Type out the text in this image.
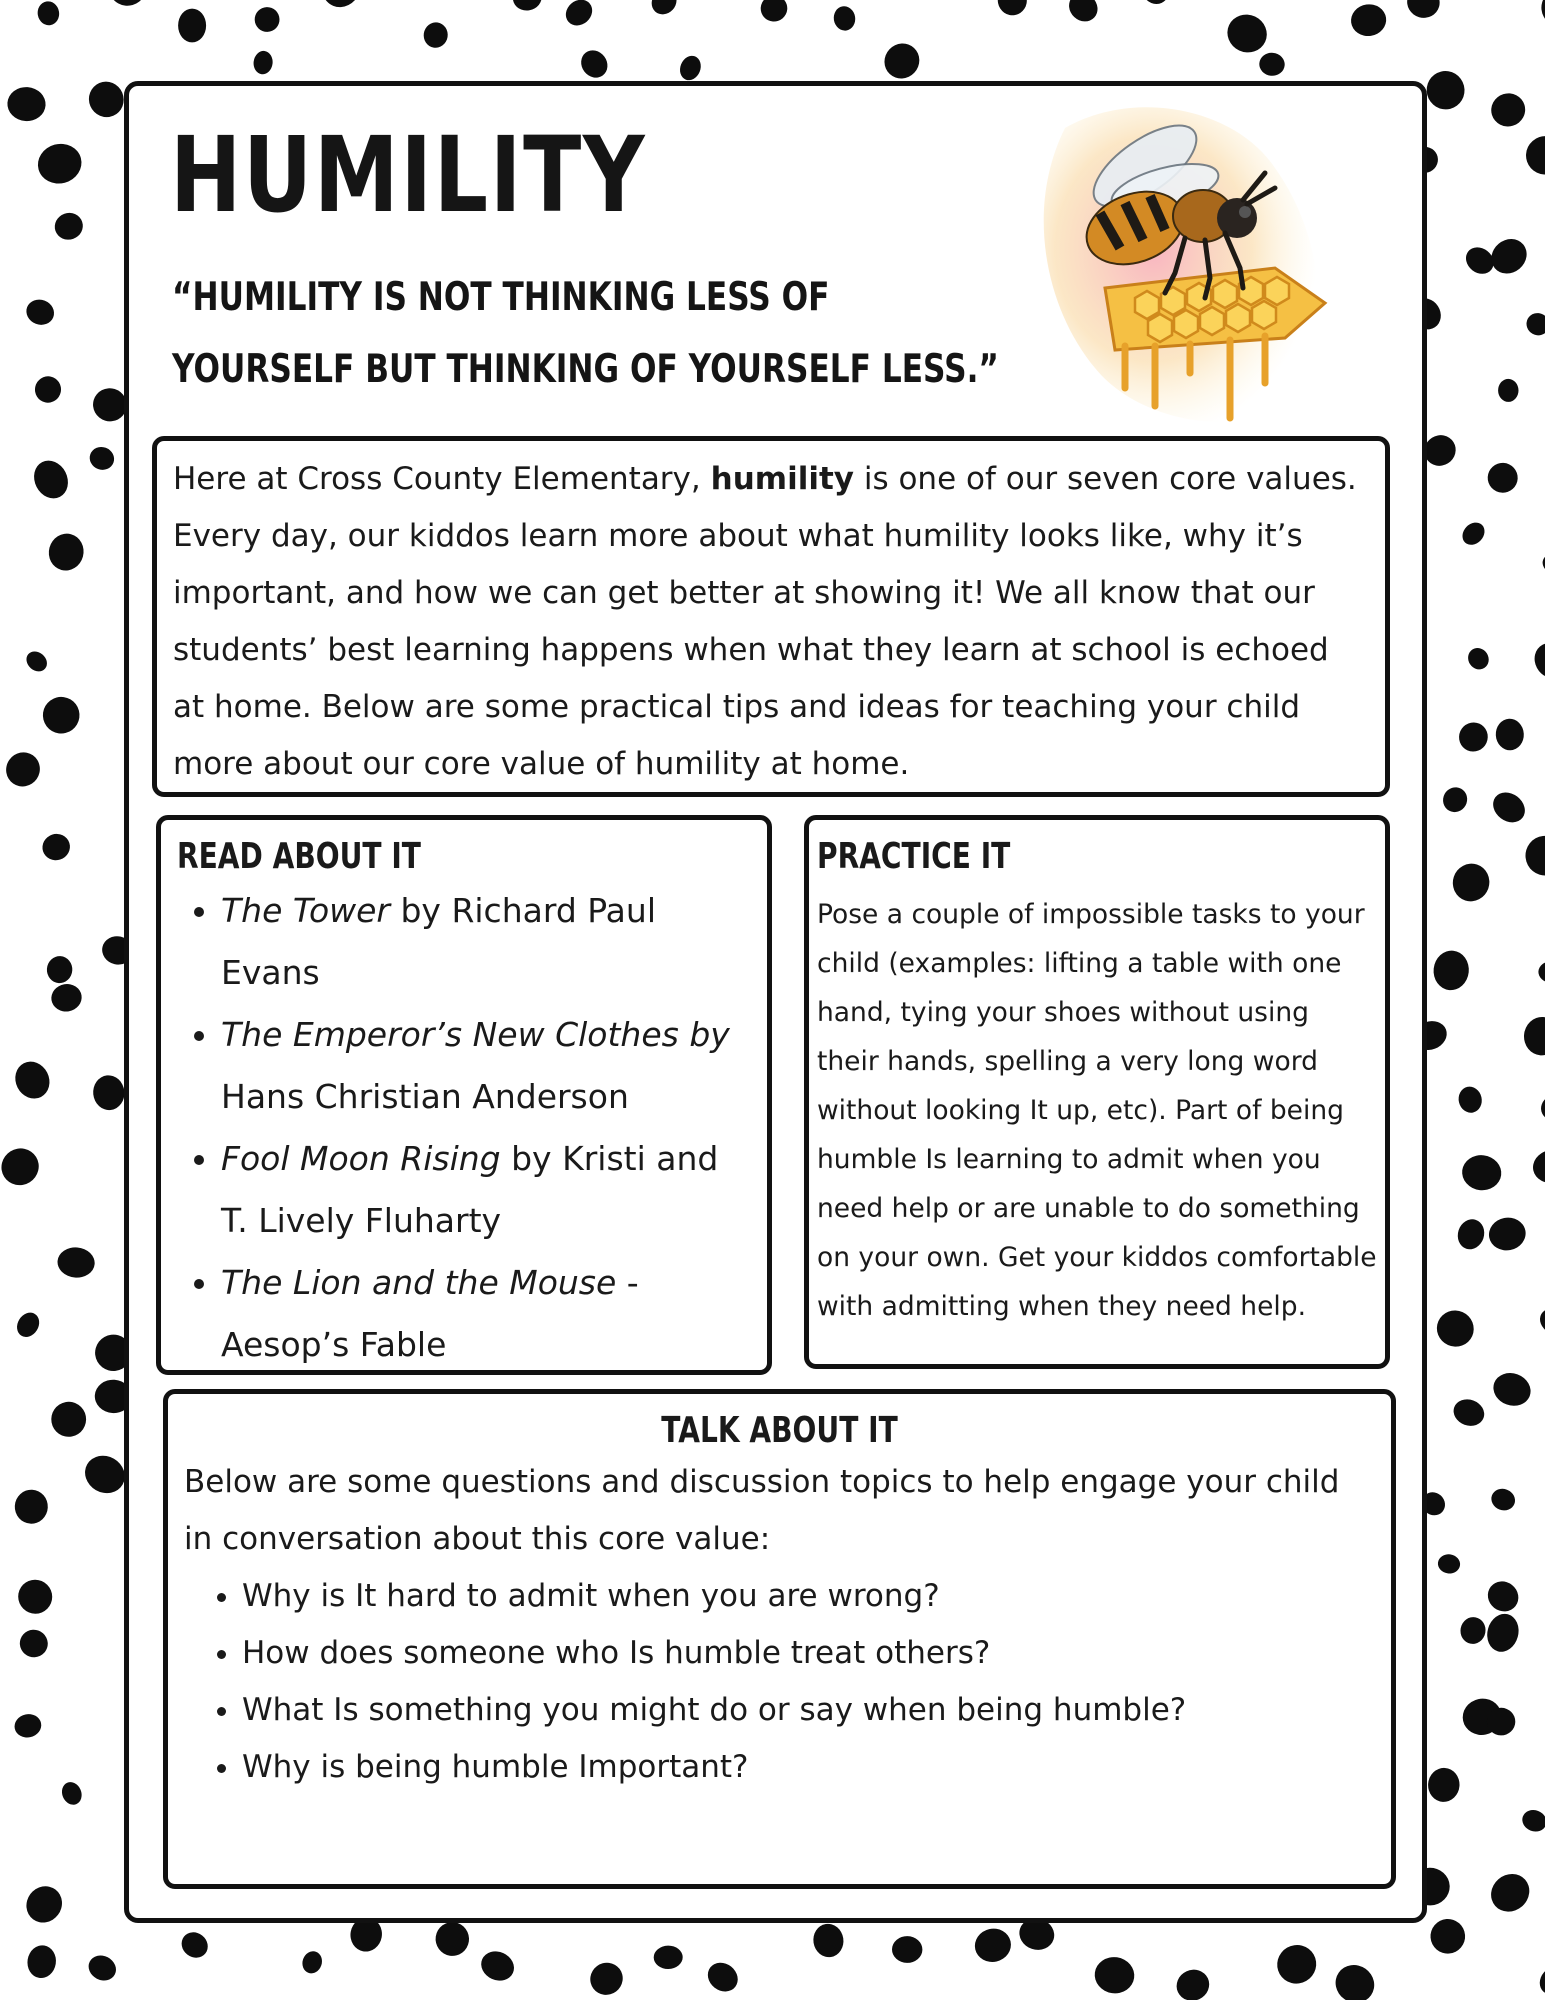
HUMILITY
“HUMILITY IS NOT THINKING LESS OF
YOURSELF BUT THINKING OF YOURSELF LESS.”

Here at Cross County Elementary, humility is one of our seven core values. Every day, our kiddos learn more about what humility looks like, why it’s important, and how we can get better at showing it! We all know that our students’ best learning happens when what they learn at school is echoed at home. Below are some practical tips and ideas for teaching your child more about our core value of humility at home.

READ ABOUT IT
• The Tower by Richard Paul Evans
• The Emperor’s New Clothes by Hans Christian Anderson
• Fool Moon Rising by Kristi and T. Lively Fluharty
• The Lion and the Mouse -Aesop’s Fable
PRACTICE IT

Pose a couple of impossible tasks to your child (examples: lifting a table with one hand, tying your shoes without using their hands, spelling a very long word without looking It up, etc). Part of being humble Is learning to admit when you need help or are unable to do something on your own. Get your kiddos comfortable with admitting when they need help.

TALK ABOUT IT

Below are some questions and discussion topics to help engage your child in conversation about this core value:

• Why is It hard to admit when you are wrong?
• How does someone who Is humble treat others?
• What Is something you might do or say when being humble?
• Why is being humble Important?
